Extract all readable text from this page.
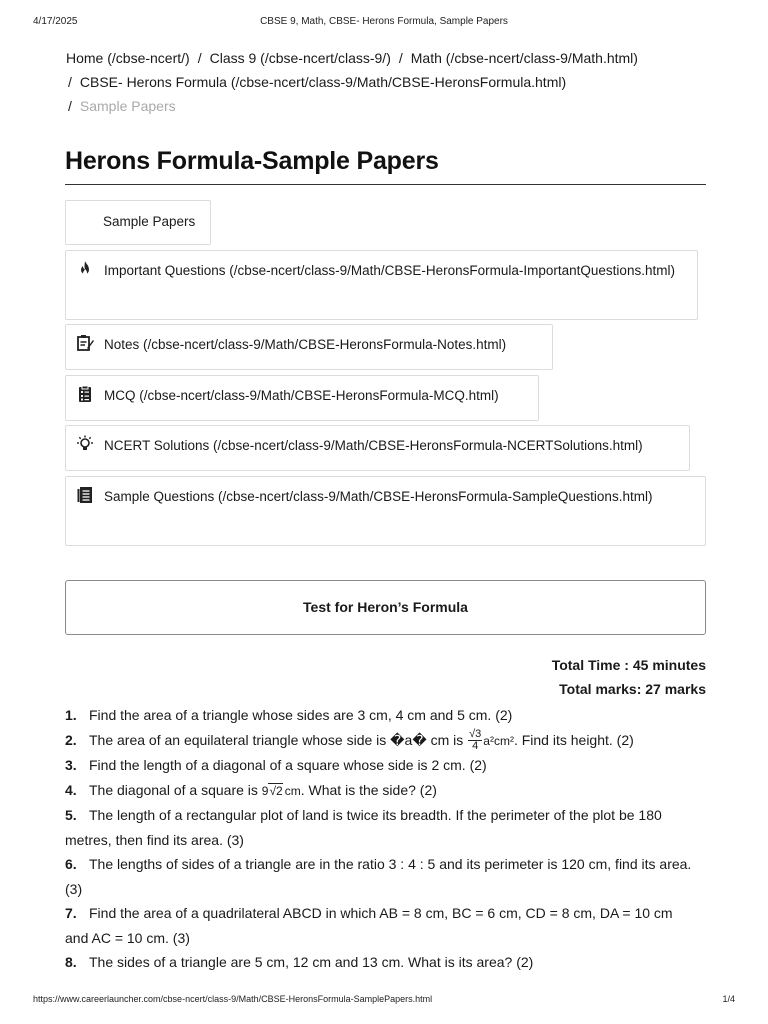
4/17/2025	CBSE 9, Math, CBSE- Herons Formula, Sample Papers
Home (/cbse-ncert/) / Class 9 (/cbse-ncert/class-9/) / Math (/cbse-ncert/class-9/Math.html)
/ CBSE- Herons Formula (/cbse-ncert/class-9/Math/CBSE-HeronsFormula.html)
/ Sample Papers
Herons Formula-Sample Papers
Sample Papers
Important Questions (/cbse-ncert/class-9/Math/CBSE-HeronsFormula-ImportantQuestions.html)
Notes (/cbse-ncert/class-9/Math/CBSE-HeronsFormula-Notes.html)
MCQ (/cbse-ncert/class-9/Math/CBSE-HeronsFormula-MCQ.html)
NCERT Solutions (/cbse-ncert/class-9/Math/CBSE-HeronsFormula-NCERTSolutions.html)
Sample Questions (/cbse-ncert/class-9/Math/CBSE-HeronsFormula-SampleQuestions.html)
Test for Heron’s Formula
Total Time : 45 minutes
Total marks: 27 marks

1. Find the area of a triangle whose sides are 3 cm, 4 cm and 5 cm. (2)

2. The area of an equilateral triangle whose side is �a� cm is $\frac{√3}{4} a^2cm^2$. Find its height. (2)

3. Find the length of a diagonal of a square whose side is 2 cm. (2)

4. The diagonal of a square is 9√2 cm. What is the side? (2)

5. The length of a rectangular plot of land is twice its breadth. If the perimeter of the plot be 180 metres, then find its area. (3)

6. The lengths of sides of a triangle are in the ratio 3 : 4 : 5 and its perimeter is 120 cm, find its area. (3)

7. Find the area of a quadrilateral ABCD in which AB = 8 cm, BC = 6 cm, CD = 8 cm, DA = 10 cm and AC = 10 cm. (3)

8. The sides of a triangle are 5 cm, 12 cm and 13 cm. What is its area? (2)

https://www.careerlauncher.com/cbse-ncert/class-9/Math/CBSE-HeronsFormula-SamplePapers.html	1/4
